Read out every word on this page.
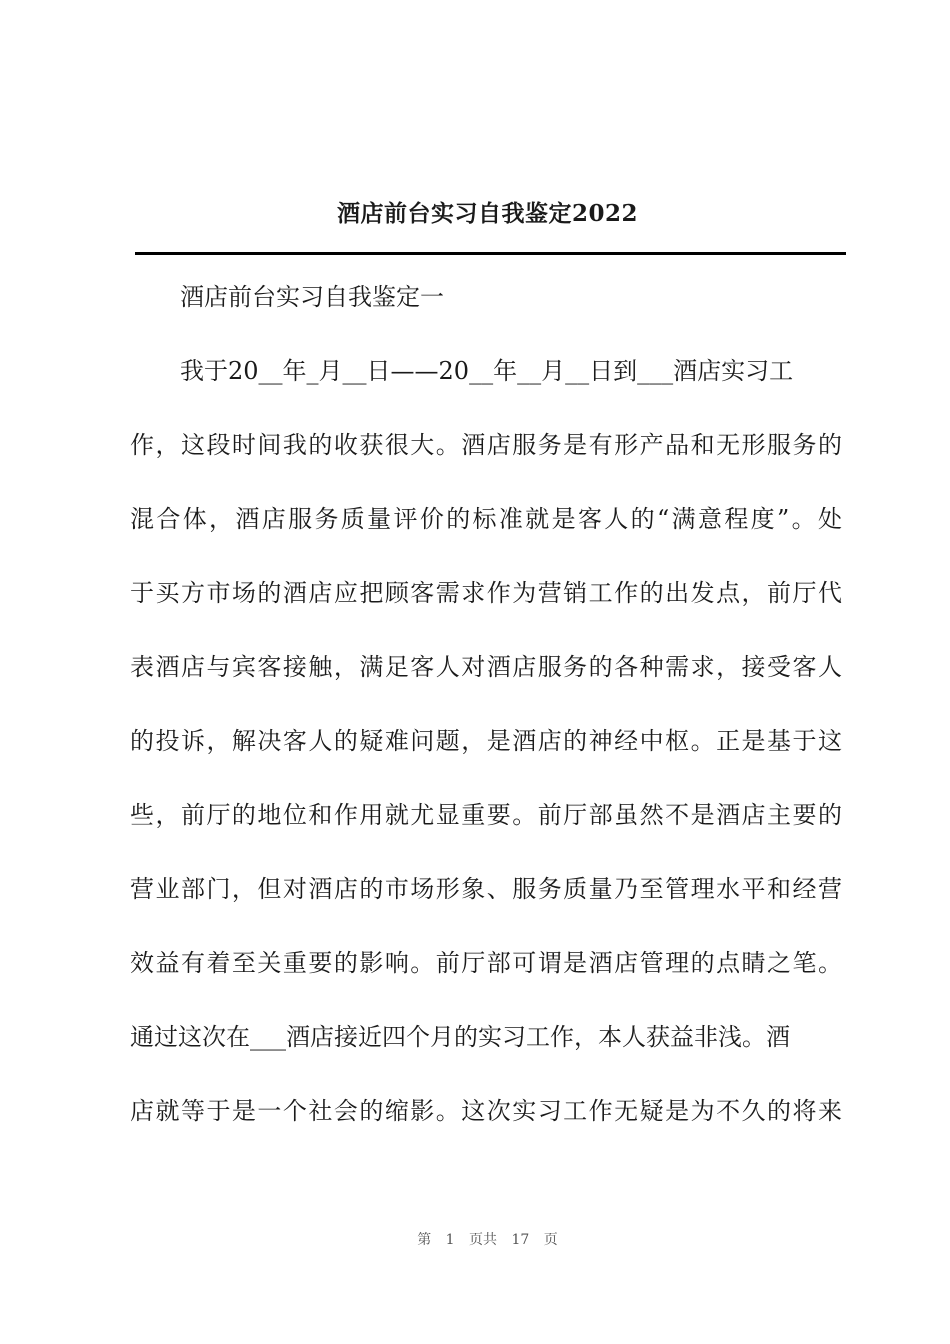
酒店前台实习自我鉴定2022

酒店前台实习自我鉴定一

我于20__年_月__日——20__年__月__日到___酒店实习工

作，这段时间我的收获很大。酒店服务是有形产品和无形服务的

混合体，酒店服务质量评价的标准就是客人的“满意程度”。处

于买方市场的酒店应把顾客需求作为营销工作的出发点，前厅代

表酒店与宾客接触，满足客人对酒店服务的各种需求，接受客人

的投诉，解决客人的疑难问题，是酒店的神经中枢。正是基于这

些，前厅的地位和作用就尤显重要。前厅部虽然不是酒店主要的

营业部门，但对酒店的市场形象、服务质量乃至管理水平和经营

效益有着至关重要的影响。前厅部可谓是酒店管理的点睛之笔。

通过这次在___酒店接近四个月的实习工作，本人获益非浅。酒

店就等于是一个社会的缩影。这次实习工作无疑是为不久的将来

第 1 页共 17 页
